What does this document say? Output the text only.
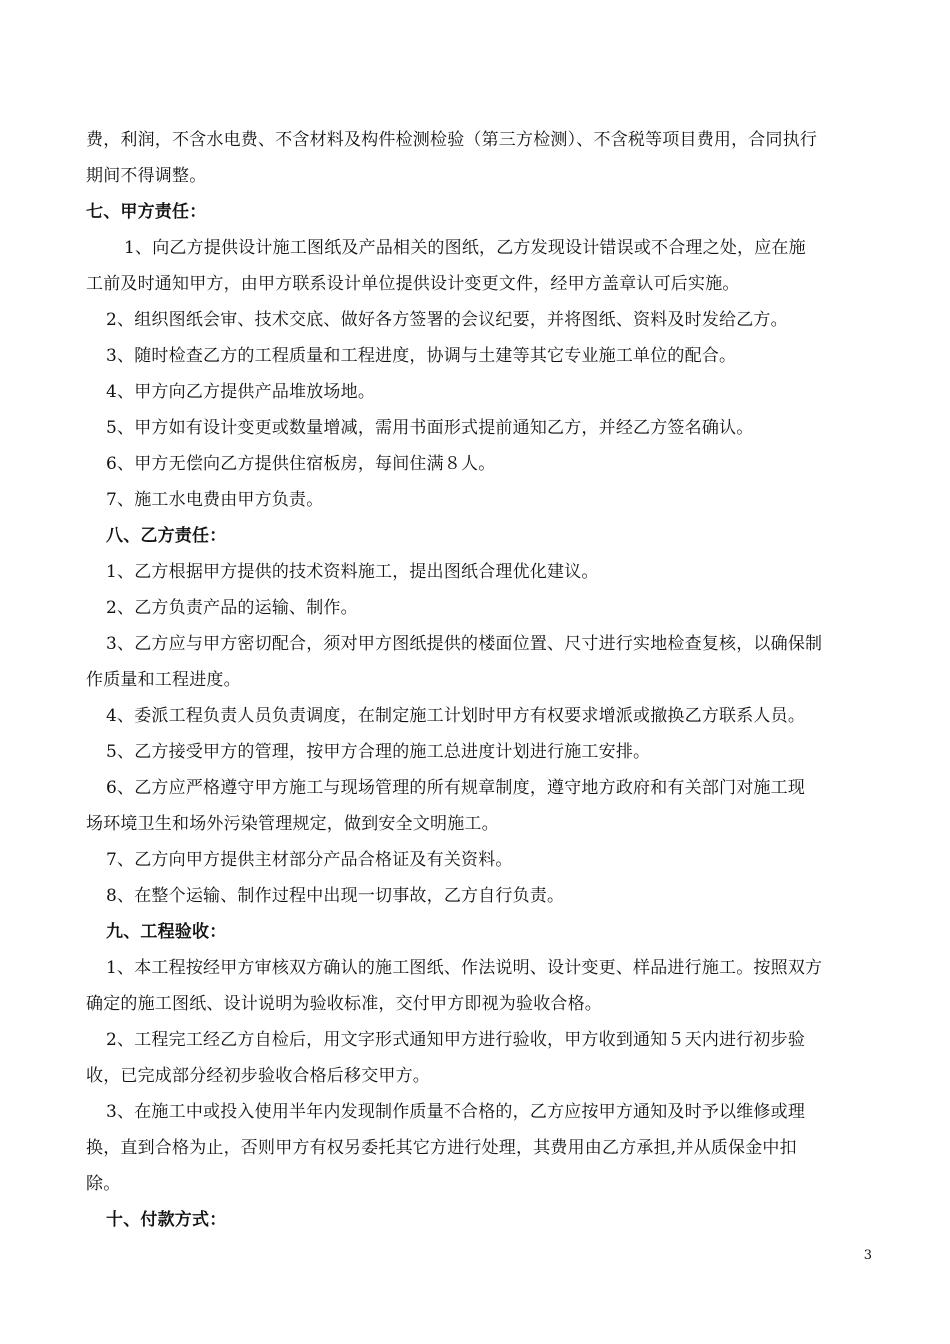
费，利润，不含水电费、不含材料及构件检测检验（第三方检测）、不含税等项目费用，合同执行
期间不得调整。
七、甲方责任：
1、向乙方提供设计施工图纸及产品相关的图纸，乙方发现设计错误或不合理之处，应在施
工前及时通知甲方，由甲方联系设计单位提供设计变更文件，经甲方盖章认可后实施。
2、组织图纸会审、技术交底、做好各方签署的会议纪要，并将图纸、资料及时发给乙方。
3、随时检查乙方的工程质量和工程进度，协调与土建等其它专业施工单位的配合。
4、甲方向乙方提供产品堆放场地。
5、甲方如有设计变更或数量增减，需用书面形式提前通知乙方，并经乙方签名确认。
6、甲方无偿向乙方提供住宿板房，每间住满８人。
7、施工水电费由甲方负责。
八、乙方责任：
1、乙方根据甲方提供的技术资料施工，提出图纸合理优化建议。
2、乙方负责产品的运输、制作。
3、乙方应与甲方密切配合，须对甲方图纸提供的楼面位置、尺寸进行实地检查复核，以确保制
作质量和工程进度。
4、委派工程负责人员负责调度，在制定施工计划时甲方有权要求增派或撤换乙方联系人员。
5、乙方接受甲方的管理，按甲方合理的施工总进度计划进行施工安排。
6、乙方应严格遵守甲方施工与现场管理的所有规章制度，遵守地方政府和有关部门对施工现
场环境卫生和场外污染管理规定，做到安全文明施工。
7、乙方向甲方提供主材部分产品合格证及有关资料。
8、在整个运输、制作过程中出现一切事故，乙方自行负责。
九、工程验收：
1、本工程按经甲方审核双方确认的施工图纸、作法说明、设计变更、样品进行施工。按照双方
确定的施工图纸、设计说明为验收标准，交付甲方即视为验收合格。
2、工程完工经乙方自检后，用文字形式通知甲方进行验收，甲方收到通知５天内进行初步验
收，已完成部分经初步验收合格后移交甲方。
3、在施工中或投入使用半年内发现制作质量不合格的，乙方应按甲方通知及时予以维修或理
换，直到合格为止，否则甲方有权另委托其它方进行处理，其费用由乙方承担,并从质保金中扣
除。
十、付款方式：
3
